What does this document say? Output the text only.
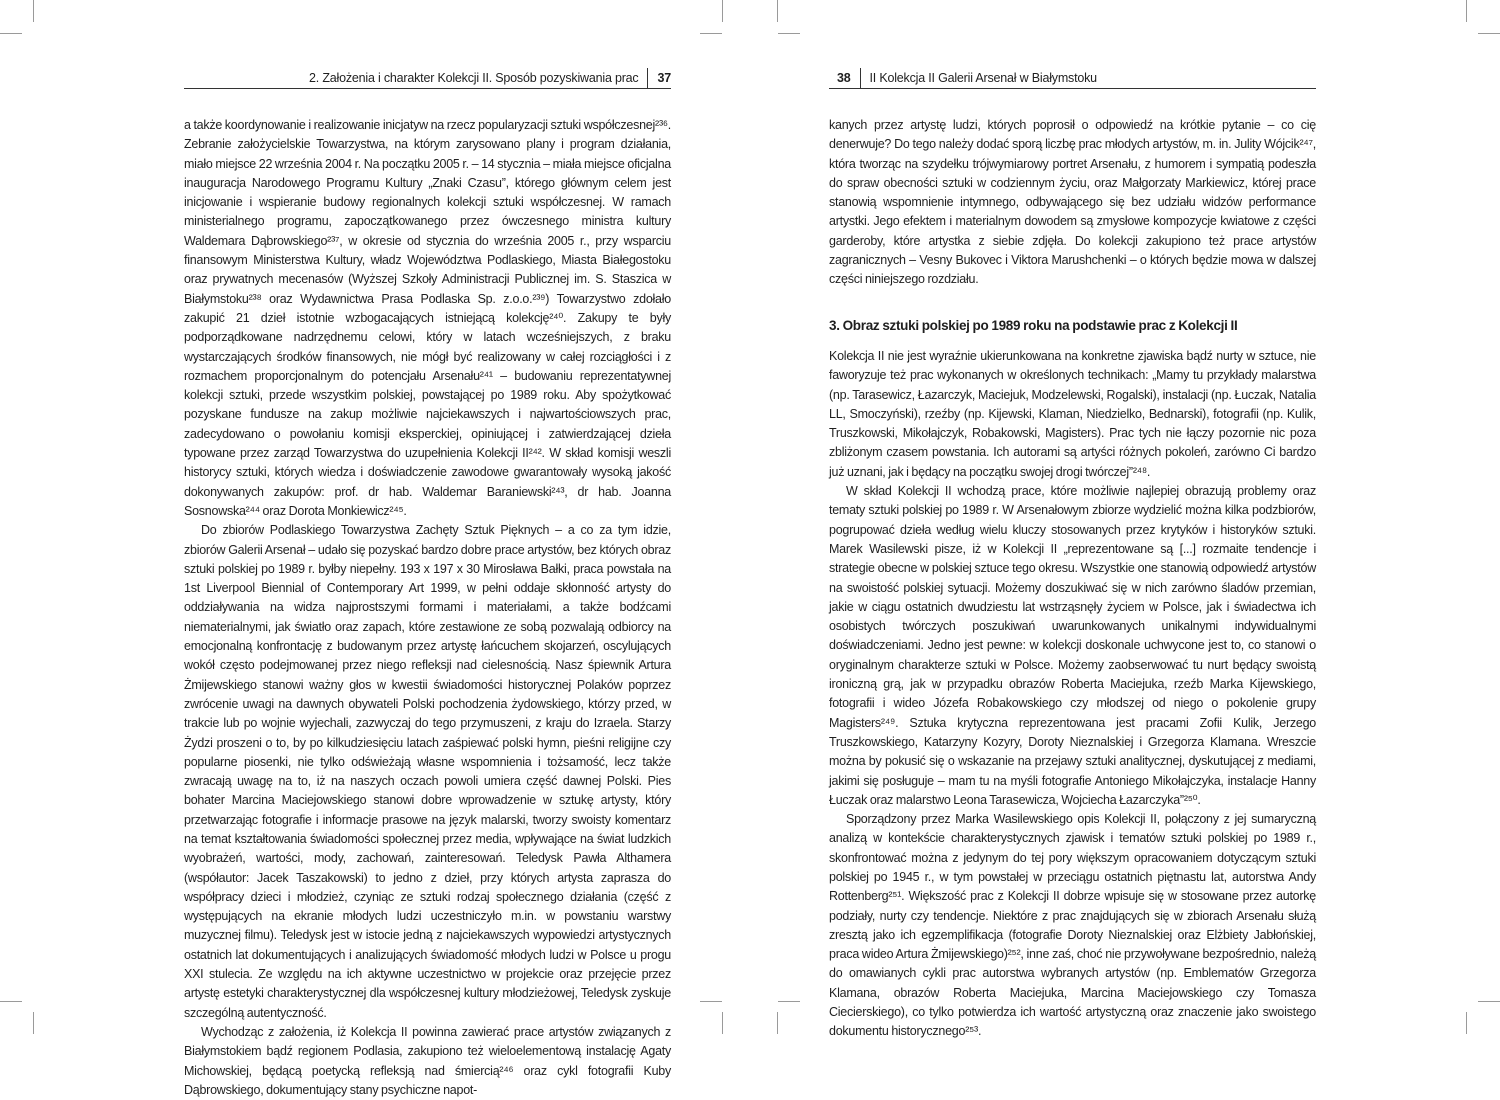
2. Założenia i charakter Kolekcji II. Sposób pozyskiwania prac	37

a także koordynowanie i realizowanie inicjatyw na rzecz popularyzacji sztuki współczesnej²³⁶. Zebranie założycielskie Towarzystwa, na którym zarysowano plany i program działania, miało miejsce 22 września 2004 r. Na początku 2005 r. – 14 stycznia – miała miejsce oficjalna inauguracja Narodowego Programu Kultury „Znaki Czasu”, którego głównym celem jest inicjowanie i wspieranie budowy regionalnych kolekcji sztuki współczesnej. W ramach ministerialnego programu, zapoczątkowanego przez ówczesnego ministra kultury Waldemara Dąbrowskiego²³⁷, w okresie od stycznia do września 2005 r., przy wsparciu finansowym Ministerstwa Kultury, władz Województwa Podlaskiego, Miasta Białegostoku oraz prywatnych mecenasów (Wyższej Szkoły Administracji Publicznej im. S. Staszica w Białymstoku²³⁸ oraz Wydawnictwa Prasa Podlaska Sp. z.o.o.²³⁹) Towarzystwo zdołało zakupić 21 dzieł istotnie wzbogacających istniejącą kolekcję²⁴⁰. Zakupy te były podporządkowane nadrzędnemu celowi, który w latach wcześniejszych, z braku wystarczających środków finansowych, nie mógł być realizowany w całej rozciągłości i z rozmachem proporcjonalnym do potencjału Arsenału²⁴¹ – budowaniu reprezentatywnej kolekcji sztuki, przede wszystkim polskiej, powstającej po 1989 roku. Aby spożytkować pozyskane fundusze na zakup możliwie najciekawszych i najwartościowszych prac, zadecydowano o powołaniu komisji eksperckiej, opiniującej i zatwierdzającej dzieła typowane przez zarząd Towarzystwa do uzupełnienia Kolekcji II²⁴². W skład komisji weszli historycy sztuki, których wiedza i doświadczenie zawodowe gwarantowały wysoką jakość dokonywanych zakupów: prof. dr hab. Waldemar Baraniewski²⁴³, dr hab. Joanna Sosnowska²⁴⁴ oraz Dorota Monkiewicz²⁴⁵.

Do zbiorów Podlaskiego Towarzystwa Zachęty Sztuk Pięknych – a co za tym idzie, zbiorów Galerii Arsenał – udało się pozyskać bardzo dobre prace artystów, bez których obraz sztuki polskiej po 1989 r. byłby niepełny. 193 x 197 x 30 Mirosława Bałki, praca powstała na 1st Liverpool Biennial of Contemporary Art 1999, w pełni oddaje skłonność artysty do oddziaływania na widza najprostszymi formami i materiałami, a także bodźcami niematerialnymi, jak światło oraz zapach, które zestawione ze sobą pozwalają odbiorcy na emocjonalną konfrontację z budowanym przez artystę łańcuchem skojarzeń, oscylujących wokół często podejmowanej przez niego refleksji nad cielesnością. Nasz śpiewnik Artura Żmijewskiego stanowi ważny głos w kwestii świadomości historycznej Polaków poprzez zwrócenie uwagi na dawnych obywateli Polski pochodzenia żydowskiego, którzy przed, w trakcie lub po wojnie wyjechali, zazwyczaj do tego przymuszeni, z kraju do Izraela. Starzy Żydzi proszeni o to, by po kilkudziesięciu latach zaśpiewać polski hymn, pieśni religijne czy popularne piosenki, nie tylko odświeżają własne wspomnienia i tożsamość, lecz także zwracają uwagę na to, iż na naszych oczach powoli umiera część dawnej Polski. Pies bohater Marcina Maciejowskiego stanowi dobre wprowadzenie w sztukę artysty, który przetwarzając fotografie i informacje prasowe na język malarski, tworzy swoisty komentarz na temat kształtowania świadomości społecznej przez media, wpływające na świat ludzkich wyobrażeń, wartości, mody, zachowań, zainteresowań. Teledysk Pawła Althamera (współautor: Jacek Taszakowski) to jedno z dzieł, przy których artysta zaprasza do współpracy dzieci i młodzież, czyniąc ze sztuki rodzaj społecznego działania (część z występujących na ekranie młodych ludzi uczestniczyło m.in. w powstaniu warstwy muzycznej filmu). Teledysk jest w istocie jedną z najciekawszych wypowiedzi artystycznych ostatnich lat dokumentujących i analizujących świadomość młodych ludzi w Polsce u progu XXI stulecia. Ze względu na ich aktywne uczestnictwo w projekcie oraz przejęcie przez artystę estetyki charakterystycznej dla współczesnej kultury młodzieżowej, Teledysk zyskuje szczególną autentyczność.

Wychodząc z założenia, iż Kolekcja II powinna zawierać prace artystów związanych z Białymstokiem bądź regionem Podlasia, zakupiono też wieloelementową instalację Agaty Michowskiej, będącą poetycką refleksją nad śmiercią²⁴⁶ oraz cykl fotografii Kuby Dąbrowskiego, dokumentujący stany psychiczne napot-

38	II Kolekcja II Galerii Arsenał w Białymstoku

kanych przez artystę ludzi, których poprosił o odpowiedź na krótkie pytanie – co cię denerwuje? Do tego należy dodać sporą liczbę prac młodych artystów, m. in. Julity Wójcik²⁴⁷, która tworząc na szydełku trójwymiarowy portret Arsenału, z humorem i sympatią podeszła do spraw obecności sztuki w codziennym życiu, oraz Małgorzaty Markiewicz, której prace stanowią wspomnienie intymnego, odbywającego się bez udziału widzów performance artystki. Jego efektem i materialnym dowodem są zmysłowe kompozycje kwiatowe z części garderoby, które artystka z siebie zdjęła. Do kolekcji zakupiono też prace artystów zagranicznych – Vesny Bukovec i Viktora Marushchenki – o których będzie mowa w dalszej części niniejszego rozdziału.

3. Obraz sztuki polskiej po 1989 roku na podstawie prac z Kolekcji II

Kolekcja II nie jest wyraźnie ukierunkowana na konkretne zjawiska bądź nurty w sztuce, nie faworyzuje też prac wykonanych w określonych technikach: „Mamy tu przykłady malarstwa (np. Tarasewicz, Łazarczyk, Maciejuk, Modzelewski, Rogalski), instalacji (np. Łuczak, Natalia LL, Smoczyński), rzeźby (np. Kijewski, Klaman, Niedzielko, Bednarski), fotografii (np. Kulik, Truszkowski, Mikołajczyk, Robakowski, Magisters). Prac tych nie łączy pozornie nic poza zbliżonym czasem powstania. Ich autorami są artyści różnych pokoleń, zarówno Ci bardzo już uznani, jak i będący na początku swojej drogi twórczej”²⁴⁸.

W skład Kolekcji II wchodzą prace, które możliwie najlepiej obrazują problemy oraz tematy sztuki polskiej po 1989 r. W Arsenałowym zbiorze wydzielić można kilka podzbiorów, pogrupować dzieła według wielu kluczy stosowanych przez krytyków i historyków sztuki. Marek Wasilewski pisze, iż w Kolekcji II „reprezentowane są [...] rozmaite tendencje i strategie obecne w polskiej sztuce tego okresu. Wszystkie one stanowią odpowiedź artystów na swoistość polskiej sytuacji. Możemy doszukiwać się w nich zarówno śladów przemian, jakie w ciągu ostatnich dwudziestu lat wstrząsnęły życiem w Polsce, jak i świadectwa ich osobistych twórczych poszukiwań uwarunkowanych unikalnymi indywidualnymi doświadczeniami. Jedno jest pewne: w kolekcji doskonale uchwycone jest to, co stanowi o oryginalnym charakterze sztuki w Polsce. Możemy zaobserwować tu nurt będący swoistą ironiczną grą, jak w przypadku obrazów Roberta Maciejuka, rzeźb Marka Kijewskiego, fotografii i wideo Józefa Robakowskiego czy młodszej od niego o pokolenie grupy Magisters²⁴⁹. Sztuka krytyczna reprezentowana jest pracami Zofii Kulik, Jerzego Truszkowskiego, Katarzyny Kozyry, Doroty Nieznalskiej i Grzegorza Klamana. Wreszcie można by pokusić się o wskazanie na przejawy sztuki analitycznej, dyskutującej z mediami, jakimi się posługuje – mam tu na myśli fotografie Antoniego Mikołajczyka, instalacje Hanny Łuczak oraz malarstwo Leona Tarasewicza, Wojciecha Łazarczyka”²⁵⁰.

Sporządzony przez Marka Wasilewskiego opis Kolekcji II, połączony z jej sumaryczną analizą w kontekście charakterystycznych zjawisk i tematów sztuki polskiej po 1989 r., skonfrontować można z jedynym do tej pory większym opracowaniem dotyczącym sztuki polskiej po 1945 r., w tym powstałej w przeciągu ostatnich piętnastu lat, autorstwa Andy Rottenberg²⁵¹. Większość prac z Kolekcji II dobrze wpisuje się w stosowane przez autorkę podziały, nurty czy tendencje. Niektóre z prac znajdujących się w zbiorach Arsenału służą zresztą jako ich egzemplifikacja (fotografie Doroty Nieznalskiej oraz Elżbiety Jabłońskiej, praca wideo Artura Żmijewskiego)²⁵², inne zaś, choć nie przywoływane bezpośrednio, należą do omawianych cykli prac autorstwa wybranych artystów (np. Emblematów Grzegorza Klamana, obrazów Roberta Maciejuka, Marcina Maciejowskiego czy Tomasza Ciecierskiego), co tylko potwierdza ich wartość artystyczną oraz znaczenie jako swoistego dokumentu historycznego²⁵³.
